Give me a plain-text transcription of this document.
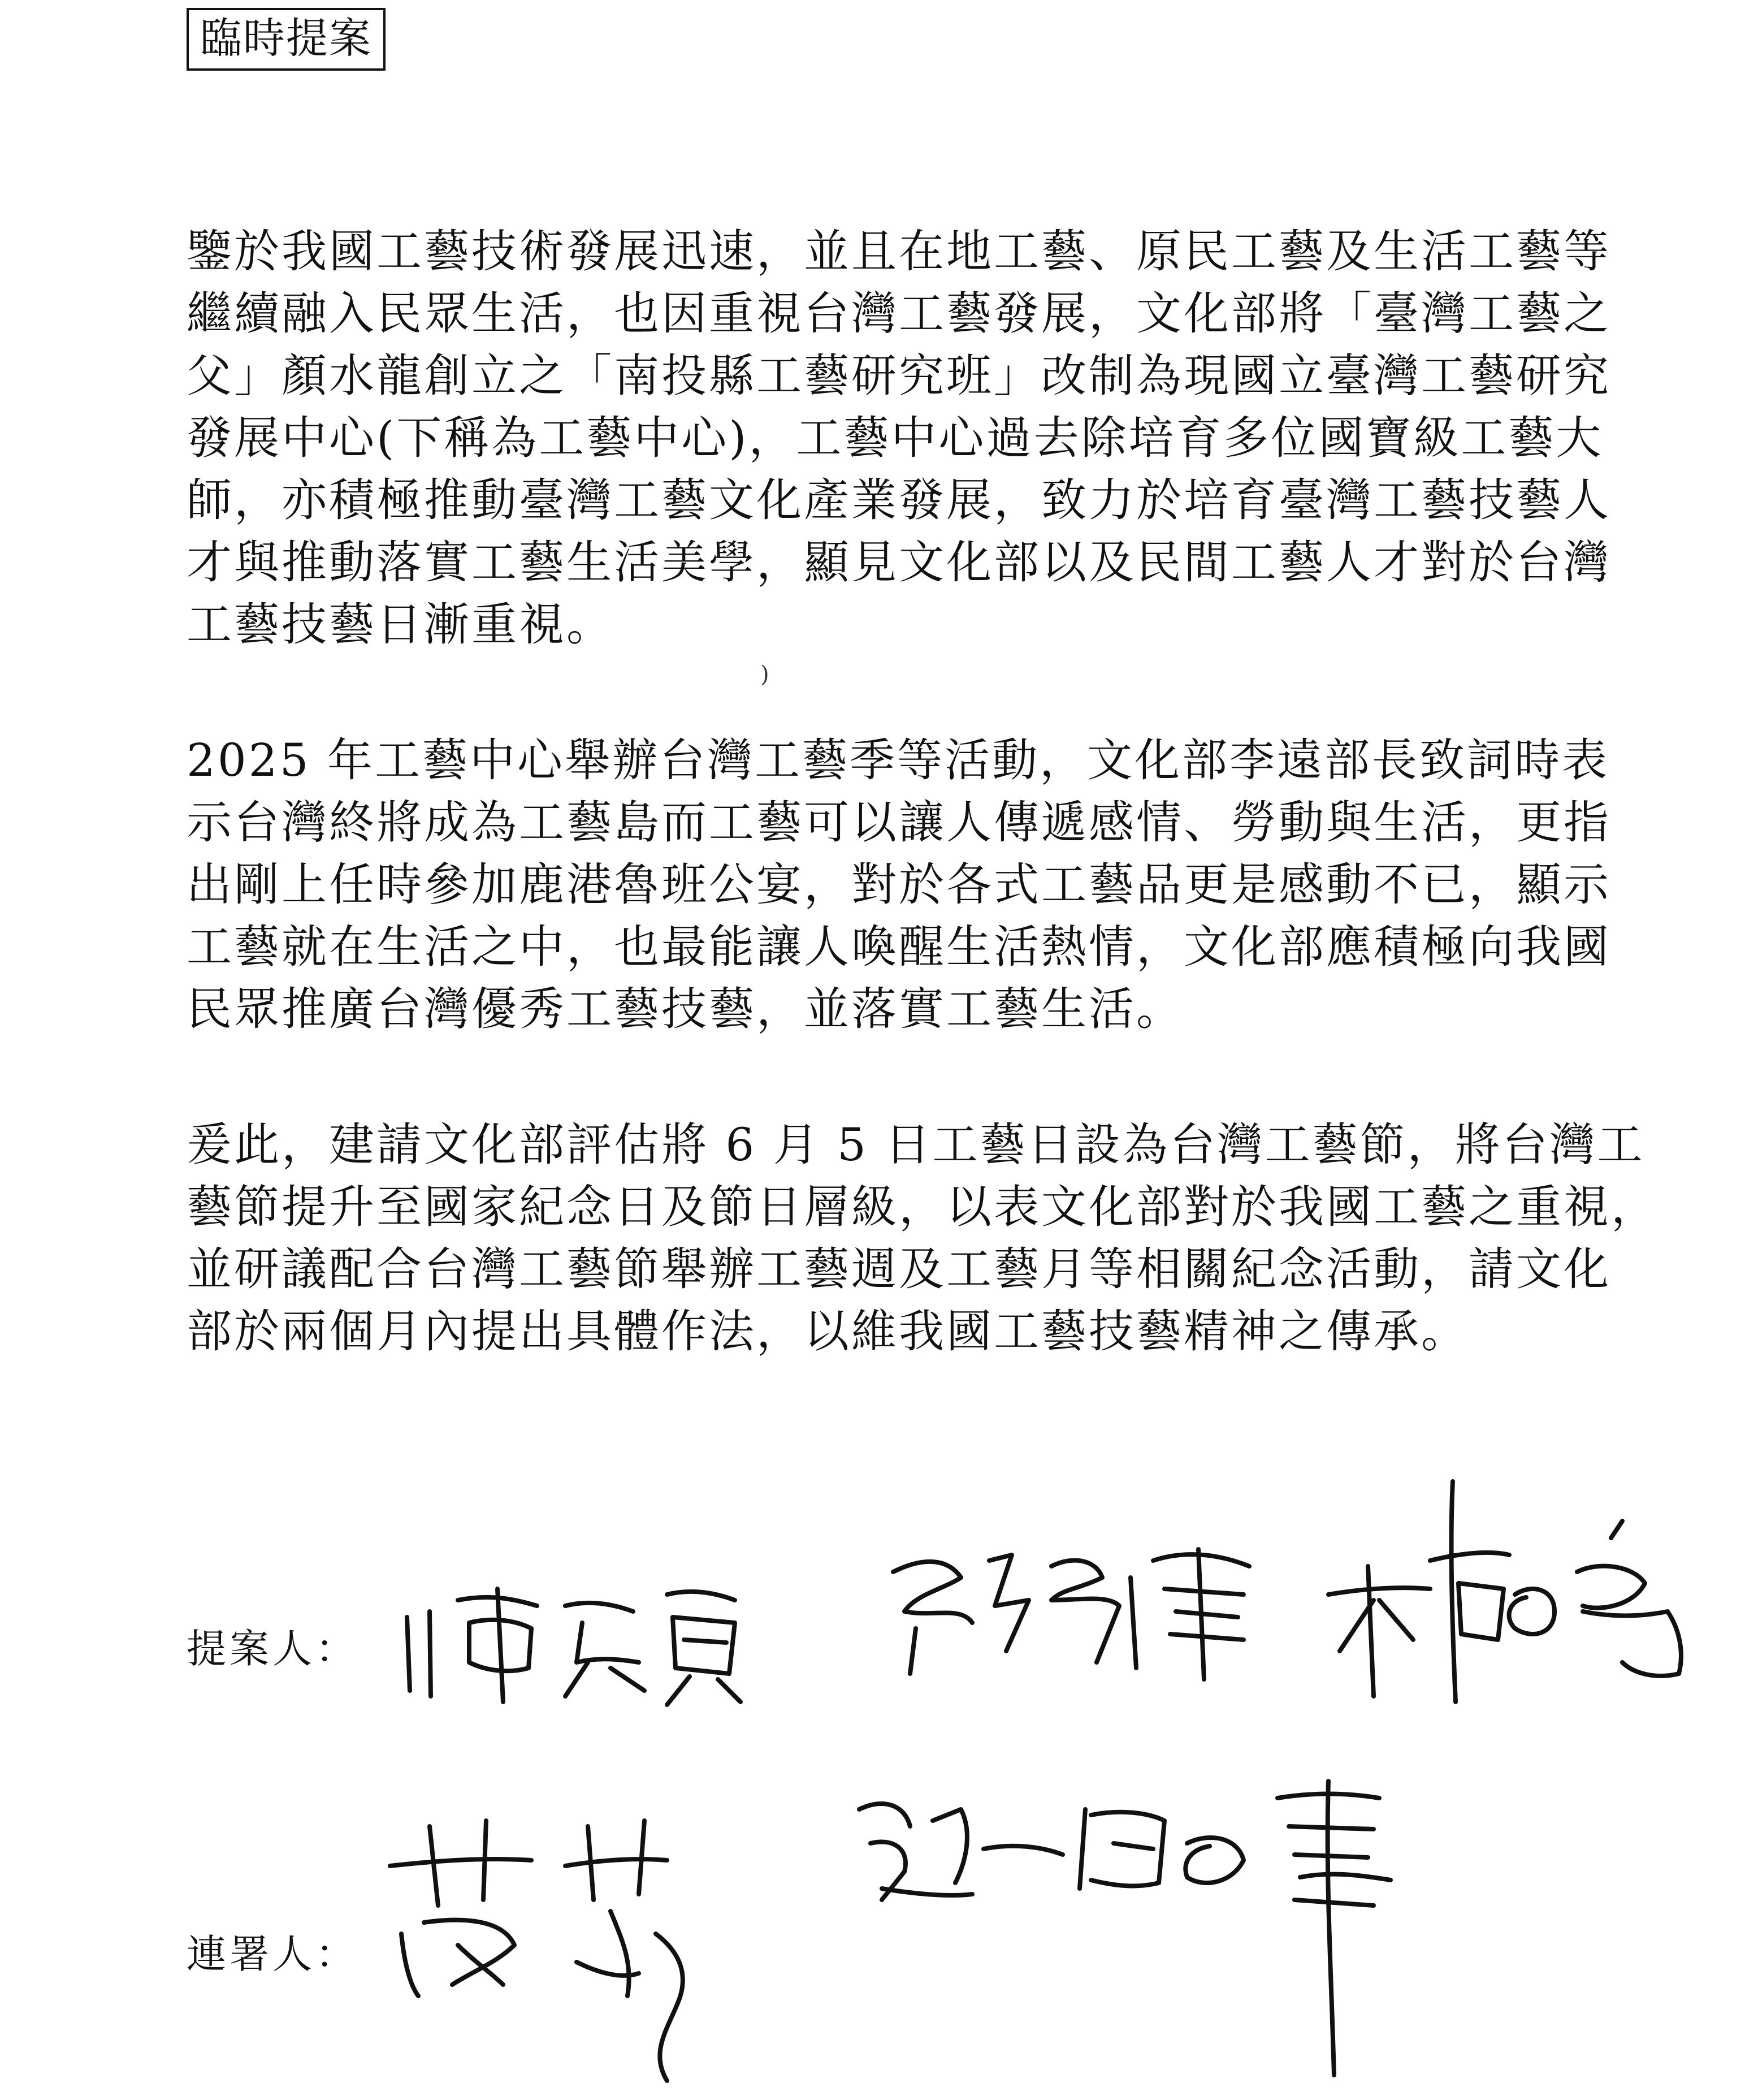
臨時提案
)
鑒於我國工藝技術發展迅速，並且在地工藝、原民工藝及生活工藝等
繼續融入民眾生活，也因重視台灣工藝發展，文化部將「臺灣工藝之
父」顏水龍創立之「南投縣工藝研究班」改制為現國立臺灣工藝研究
發展中心(下稱為工藝中心)，工藝中心過去除培育多位國寶級工藝大
師，亦積極推動臺灣工藝文化產業發展，致力於培育臺灣工藝技藝人
才與推動落實工藝生活美學，顯見文化部以及民間工藝人才對於台灣
工藝技藝日漸重視。
2025 年工藝中心舉辦台灣工藝季等活動，文化部李遠部長致詞時表
示台灣終將成為工藝島而工藝可以讓人傳遞感情、勞動與生活，更指
出剛上任時參加鹿港魯班公宴，對於各式工藝品更是感動不已，顯示
工藝就在生活之中，也最能讓人喚醒生活熱情，文化部應積極向我國
民眾推廣台灣優秀工藝技藝，並落實工藝生活。
爰此，建請文化部評估將 6 月 5 日工藝日設為台灣工藝節，將台灣工
藝節提升至國家紀念日及節日層級，以表文化部對於我國工藝之重視，
並研議配合台灣工藝節舉辦工藝週及工藝月等相關紀念活動，請文化
部於兩個月內提出具體作法，以維我國工藝技藝精神之傳承。
提案人：
連署人：
